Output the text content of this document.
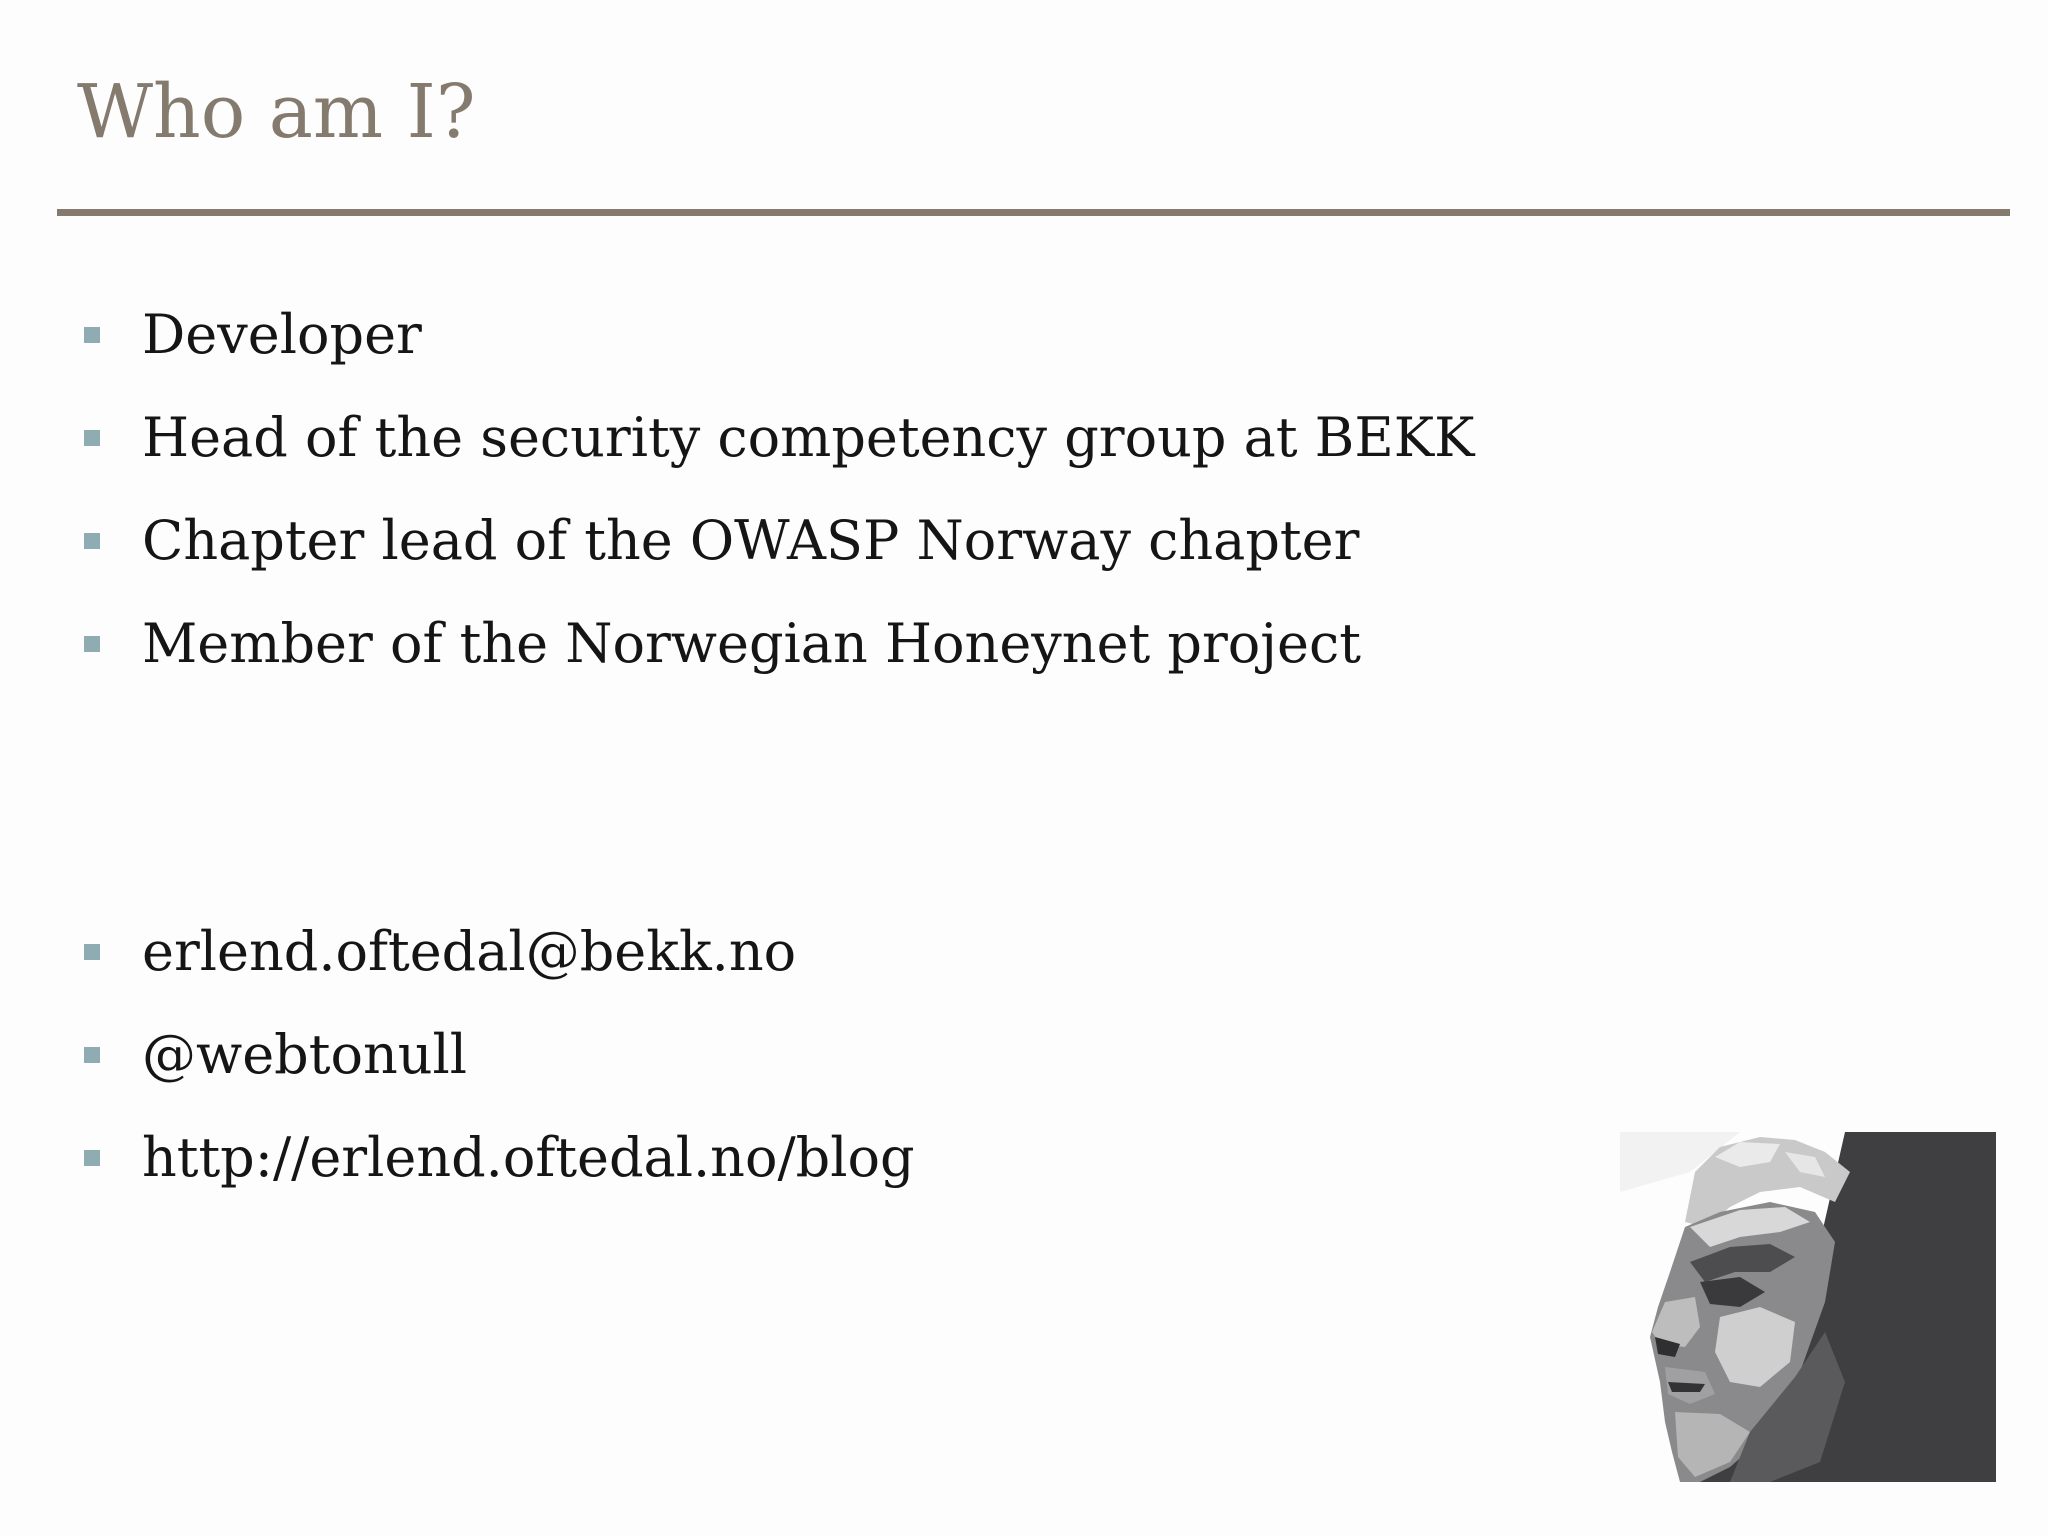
Who am I?
Developer
Head of the security competency group at BEKK
Chapter lead of the OWASP Norway chapter
Member of the Norwegian Honeynet project
erlend.oftedal@bekk.no
@webtonull
http://erlend.oftedal.no/blog
